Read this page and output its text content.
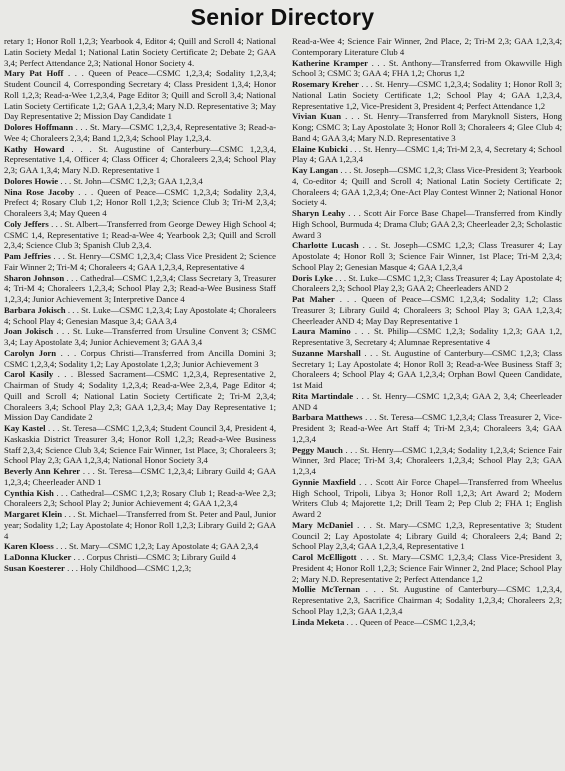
Senior Directory

retary 1; Honor Roll 1,2,3; Yearbook 4, Editor 4; Quill and Scroll 4; National Latin Society Medal 1; National Latin Society Certificate 2; Debate 2; GAA 3,4; Perfect Attendance 2,3; National Honor Society 4.

Mary Pat Hoff . . . Queen of Peace—CSMC 1,2,3,4; Sodality 1,2,3,4; Student Council 4, Corresponding Secretary 4; Class President 1,3,4; Honor Roll 1,2,3; Read-a-Wee 1,2,3,4, Page Editor 3; Quill and Scroll 3,4; National Latin Society Certificate 1,2; GAA 1,2,3,4; Mary N.D. Representative 3; May Day Representative 2; Mission Day Candidate 1

Dolores Hoffmann . . . St. Mary—CSMC 1,2,3,4, Representative 3; Read-a-Wee 4; Choraleers 2,3,4; Band 1,2,3,4; School Play 1,2,3,4.

Kathy Howard . . . St. Augustine of Canterbury—CSMC 1,2,3,4, Representative 1,4, Officer 4; Class Officer 4; Choraleers 2,3,4; School Play 2,3; GAA 1,3,4; Mary N.D. Representative 1

Dolores Howie . . . St. John—CSMC 1,2,3; GAA 1,2,3,4

Nina Rose Jacoby . . . Queen of Peace—CSMC 1,2,3,4; Sodality 2,3,4, Prefect 4; Rosary Club 1,2; Honor Roll 1,2,3; Science Club 3; Tri-M 2,3,4; Choraleers 3,4; May Queen 4

Coly Jeffers . . . St. Albert—Transferred from George Dewey High School 4; CSMC 1,4, Representative 1; Read-a-Wee 4; Yearbook 2,3; Quill and Scroll 2,3,4; Science Club 3; Spanish Club 2,3,4.

Pam Jeffries . . . St. Henry—CSMC 1,2,3,4; Class Vice President 2; Science Fair Winner 2; Tri-M 4; Choraleers 4; GAA 1,2,3,4, Representative 4

Sharon Johnson . . . Cathedral—CSMC 1,2,3,4; Class Secretary 3, Treasurer 4; Tri-M 4; Choraleers 1,2,3,4; School Play 2,3; Read-a-Wee Business Staff 1,2,3,4; Junior Achievement 3; Interpretive Dance 4

Barbara Jokisch . . . St. Luke—CSMC 1,2,3,4; Lay Apostolate 4; Choraleers 4; School Play 4; Genesian Masque 3,4; GAA 3,4

Joan Jokisch . . . St. Luke—Transferred from Ursuline Convent 3; CSMC 3,4; Lay Apostolate 3,4; Junior Achievement 3; GAA 3,4

Carolyn Jorn . . . Corpus Christi—Transferred from Ancilla Domini 3; CSMC 1,2,3,4; Sodality 1,2; Lay Apostolate 1,2,3; Junior Achievement 3

Carol Kasily . . . Blessed Sacrament—CSMC 1,2,3,4, Representative 2, Chairman of Study 4; Sodality 1,2,3,4; Read-a-Wee 2,3,4, Page Editor 4; Quill and Scroll 4; National Latin Society Certificate 2; Tri-M 2,3,4; Choraleers 3,4; School Play 2,3; GAA 1,2,3,4; May Day Representative 1; Mission Day Candidate 2

Kay Kastel . . . St. Teresa—CSMC 1,2,3,4; Student Council 3,4, President 4, Kaskaskia District Treasurer 3,4; Honor Roll 1,2,3; Read-a-Wee Business Staff 2,3,4; Science Club 3,4; Science Fair Winner, 1st Place, 3; Choraleers 3; School Play 2,3; GAA 1,2,3,4; National Honor Society 3,4

Beverly Ann Kehrer . . . St. Teresa—CSMC 1,2,3,4; Library Guild 4; GAA 1,2,3,4; Cheerleader AND 1

Cynthia Kish . . . Cathedral—CSMC 1,2,3; Rosary Club 1; Read-a-Wee 2,3; Choraleers 2,3; School Play 2; Junior Achievement 4; GAA 1,2,3,4

Margaret Klein . . . St. Michael—Transferred from St. Peter and Paul, Junior year; Sodality 1,2; Lay Apostolate 4; Honor Roll 1,2,3; Library Guild 2; GAA 4

Karen Kloess . . . St. Mary—CSMC 1,2,3; Lay Apostolate 4; GAA 2,3,4

LaDonna Klucker . . . Corpus Christi—CSMC 3; Library Guild 4

Susan Koesterer . . . Holy Childhood—CSMC 1,2,3;

Read-a-Wee 4; Science Fair Winner, 2nd Place, 2; Tri-M 2,3; GAA 1,2,3,4; Contemporary Literature Club 4

Katherine Kramper . . . St. Anthony—Transferred from Okawville High School 3; CSMC 3; GAA 4; FHA 1,2; Chorus 1,2

Rosemary Kreher . . . St. Henry—CSMC 1,2,3,4; Sodality 1; Honor Roll 3; National Latin Society Certificate 1,2; School Play 4; GAA 1,2,3,4, Representative 1,2, Vice-President 3, President 4; Perfect Attendance 1,2

Vivian Kuan . . . St. Henry—Transferred from Maryknoll Sisters, Hong Kong; CSMC 3; Lay Apostolate 3; Honor Roll 3; Choraleers 4; Glee Club 4; Band 4; GAA 3,4; Mary N.D. Representative 3

Elaine Kubicki . . . St. Henry—CSMC 1,4; Tri-M 2,3, 4, Secretary 4; School Play 4; GAA 1,2,3,4

Kay Langan . . . St. Joseph—CSMC 1,2,3; Class Vice-President 3; Yearbook 4, Co-editor 4; Quill and Scroll 4; National Latin Society Certificate 2; Choraleers 4; GAA 1,2,3,4; One-Act Play Contest Winner 2; National Honor Society 4.

Sharyn Leahy . . . Scott Air Force Base Chapel—Transferred from Kindly High School, Burmuda 4; Drama Club; GAA 2,3; Cheerleader 2,3; Scholastic Award 3

Charlotte Lucash . . . St. Joseph—CSMC 1,2,3; Class Treasurer 4; Lay Apostolate 4; Honor Roll 3; Science Fair Winner, 1st Place; Tri-M 2,3,4; School Play 2; Genesian Masque 4; GAA 1,2,3,4

Doris Lyke . . . St. Luke—CSMC 1,2,3; Class Treasurer 4; Lay Apostolate 4; Choraleers 2,3; School Play 2,3; GAA 2; Cheerleaders AND 2

Pat Maher . . . Queen of Peace—CSMC 1,2,3,4; Sodality 1,2; Class Treasurer 3; Library Guild 4; Choraleers 3; School Play 3; GAA 1,2,3,4; Cheerleader AND 4; May Day Representative 1

Laura Mamino . . . St. Philip—CSMC 1,2,3; Sodality 1,2,3; GAA 1,2, Representative 3, Secretary 4; Alumnae Representative 4

Suzanne Marshall . . . St. Augustine of Canterbury—CSMC 1,2,3; Class Secretary 1; Lay Apostolate 4; Honor Roll 3; Read-a-Wee Business Staff 3; Choraleers 4; School Play 4; GAA 1,2,3,4; Orphan Bowl Queen Candidate, 1st Maid

Rita Martindale . . . St. Henry—CSMC 1,2,3,4; GAA 2, 3,4; Cheerleader AND 4

Barbara Matthews . . . St. Teresa—CSMC 1,2,3,4; Class Treasurer 2, Vice-President 3; Read-a-Wee Art Staff 4; Tri-M 2,3,4; Choraleers 3,4; GAA 1,2,3,4

Peggy Mauch . . . St. Henry—CSMC 1,2,3,4; Sodality 1,2,3,4; Science Fair Winner, 3rd Place; Tri-M 3,4; Choraleers 1,2,3,4; School Play 2,3; GAA 1,2,3,4

Gynnie Maxfield . . . Scott Air Force Chapel—Transferred from Wheelus High School, Tripoli, Libya 3; Honor Roll 1,2,3; Art Award 2; Modern Writers Club 4; Majorette 1,2; Drill Team 2; Pep Club 2; FHA 1; English Award 2

Mary McDaniel . . . St. Mary—CSMC 1,2,3, Representative 3; Student Council 2; Lay Apostolate 4; Library Guild 4; Choraleers 2,4; Band 2; School Play 2,3,4; GAA 1,2,3,4, Representative 1

Carol McElligott . . . St. Mary—CSMC 1,2,3,4; Class Vice-President 3, President 4; Honor Roll 1,2,3; Science Fair Winner 2, 2nd Place; School Play 2; Mary N.D. Representative 2; Perfect Attendance 1,2

Mollie McTernan . . . St. Augustine of Canterbury—CSMC 1,2,3,4, Representative 2,3, Sacrifice Chairman 4; Sodality 1,2,3,4; Choraleers 2,3; School Play 1,2,3; GAA 1,2,3,4

Linda Meketa . . . Queen of Peace—CSMC 1,2,3,4;
